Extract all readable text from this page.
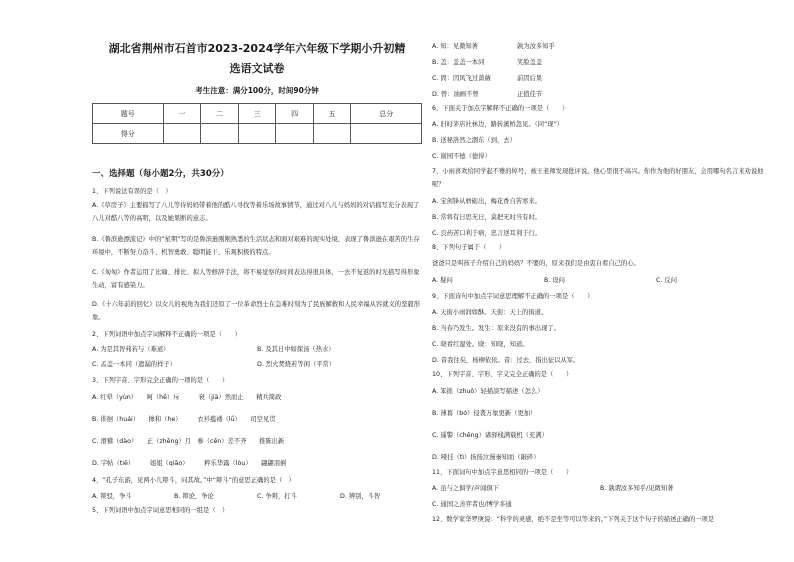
湖北省荆州市石首市2023-2024学年六年级下学期小升初精
选语文试卷
考生注意：满分100分，时间90分钟
题号	一	二	三	四	五	总分
得分						
一、选择题（每小题2分，共30分）
1、下列说法有误的是（　）
A.《草房子》主要描写了八儿等待妈妈带着他的酷八寻找等着乐场故事情节，通过对八儿与妈妈的对话描写充分表现了八儿对酷八等的高明，以及她果断的意志。
B.《鲁滨逊漂流记》中的“星期”写的是鲁滨逊刚刚熟悉的生活状态和面对艰难的现实处境，表现了鲁滨逊在艰苦的生存环境中，不断努力奋斗、机智勇敢、聪明能干、乐观积极的特点。
C.《匆匆》作者运用了比喻、排比、拟人等修辞手法，将不易觉察的时间表达得很具体，一去不复返的时光描写得形象生动，富有感染力。
D.《十六年前的回忆》以女儿的视角为我们还原了一位革命烈士在急难时刻为了民族解救和人民幸福从容就义的坚毅形象。
2、下列词语中加点字词解释不正确的一项是（　　）
A. 为是其智弗若与（难道）	B. 及其日中如探汤（热水）
C. 孟盖一本同（遗漏的样子）	D. 烈火焚烧若等闲（平常）
3、下列字音、字形完全正确的一项的是（　　）
A. 红晕（yùn）　　呵（hē）斥　　　衰（jià）然而止　　精兵简政
B. 徘徊（huái）　　掺和（he）　　　衣衫褴褛（lǚ）　　司空见贯
C. 滑稽（dào）　　正（zhēng）月　参（cēn）差不齐　　推陈出新
D. 字帖（tiě）　　　姐姐（qiāo）　　　粹乐华露（lòu）　　翩翩羽倒
4、“孔子东游，见两小儿辩斗，问其故。”中“辩斗”的意思正确的是（　）
A. 辩驳，争斗	B. 辩论，争论	C. 争辩，打斗	D. 辨别，斗智
5、下列词语中加点字词意思相同的一组是（　）
A. 知：见微知著	孰为汝多知乎
B. 盖：盖盖一本同	笑脸盖盖
C. 固：因风飞过蔷薇	前因后果
D. 曾：油画不曾	正值佳节
6、下面关于加点字解释不正确的一项是（　　）
A. 旧时茅店社林边，路转溪桥忽见。（同“现”）
B. 送秘洛然之涸东（到，去）
C. 谢园不德（德得）
7、小雨喜欢给同学起不雅的绰号，被王老师发现批评说。他心里很不高兴。你作为他的好朋友，会用哪句名言来劝说他呢？
A. 宝剑锋从磨砺出，梅花香自苦寒来。
B. 常将有日思无日，莫把无时当有时。
C. 良药苦口利于病，忠言逆耳利于行。
8、下列句子属于（　　）
爸爸只是叫孩子介绍自己的妈妈？不要的，原来我们是由衷自看自己的心。
A. 疑问	B. 设问	C. 反问
9、下面诗句中加点字词意思理解不正确的一项是（　　）
A. 天街小雨润如酥。天街：天上的街道。
B. 当春乃发生。发生：原来没有的事出现了。
C. 晓看红湿处。晓：知晓，知道。
D. 昔我往矣，杨柳依依。昔：过去，指出征以从军。
10、下列字音、字形、字义完全正确的是（　　）
A. 笨拙（zhuō）轻描淡写描述（怎么）
B. 薄暮（bó）侵袭万象更新（更加）
C. 遥警（chēng）诸驿栈满载机（充满）
D. 哑挂（tì）扬扬泣漫秦知而（敲碎）
11、下面词句中加点字意思相同的一项是（　　）
A. 虽与之俱学/声闻俱下	B. 孰谓汝多知乎/见微知著
C. 通国之善弈者也/博学多通
12、数学家华罗庚说：“科学的灵感，绝不是坐等可以等来的。”下列关于这个句子的描述正确的一项是
